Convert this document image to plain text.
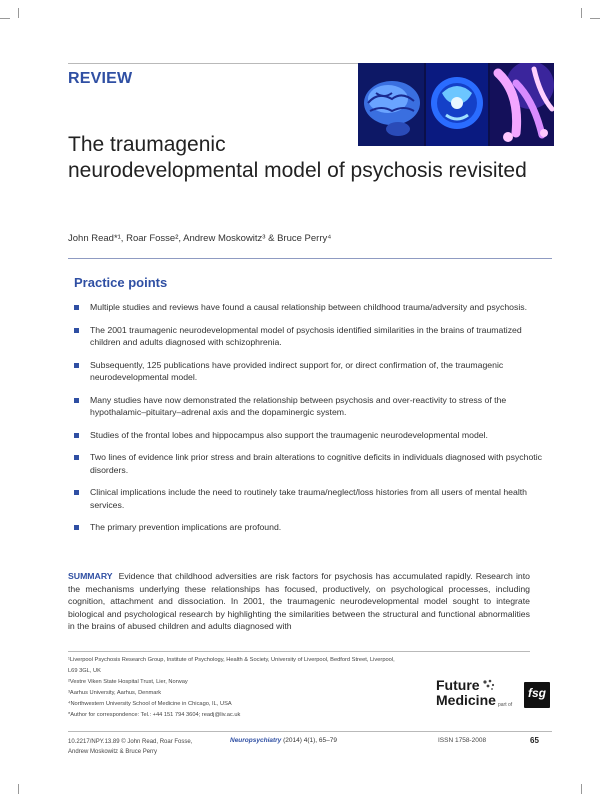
REVIEW
The traumagenic
neurodevelopmental model of psychosis revisited
John Read*¹, Roar Fosse², Andrew Moskowitz³ & Bruce Perry⁴
Practice points
Multiple studies and reviews have found a causal relationship between childhood trauma/adversity and psychosis.
The 2001 traumagenic neurodevelopmental model of psychosis identified similarities in the brains of traumatized children and adults diagnosed with schizophrenia.
Subsequently, 125 publications have provided indirect support for, or direct confirmation of, the traumagenic neurodevelopmental model.
Many studies have now demonstrated the relationship between psychosis and over-reactivity to stress of the hypothalamic–pituitary–adrenal axis and the dopaminergic system.
Studies of the frontal lobes and hippocampus also support the traumagenic neurodevelopmental model.
Two lines of evidence link prior stress and brain alterations to cognitive deficits in individuals diagnosed with psychotic disorders.
Clinical implications include the need to routinely take trauma/neglect/loss histories from all users of mental health services.
The primary prevention implications are profound.
SUMMARY Evidence that childhood adversities are risk factors for psychosis has accumulated rapidly. Research into the mechanisms underlying these relationships has focused, productively, on psychological processes, including cognition, attachment and dissociation. In 2001, the traumagenic neurodevelopmental model sought to integrate biological and psychological research by highlighting the similarities between the structural and functional abnormalities in the brains of abused children and adults diagnosed with
¹Liverpool Psychosis Research Group, Institute of Psychology, Health & Society, University of Liverpool, Bedford Street, Liverpool,
L69 3GL, UK
²Vestre Viken State Hospital Trust, Lier, Norway
³Aarhus University, Aarhus, Denmark
⁴Northwestern University School of Medicine in Chicago, IL, USA
*Author for correspondence: Tel.: +44 151 794 3604; readj@liv.ac.uk
Future
Medicine part of
fsg
10.2217/NPY.13.89 © John Read, Roar Fosse,
Andrew Moskowitz & Bruce Perry
Neuropsychiatry (2014) 4(1), 65–79	ISSN 1758-2008	65
